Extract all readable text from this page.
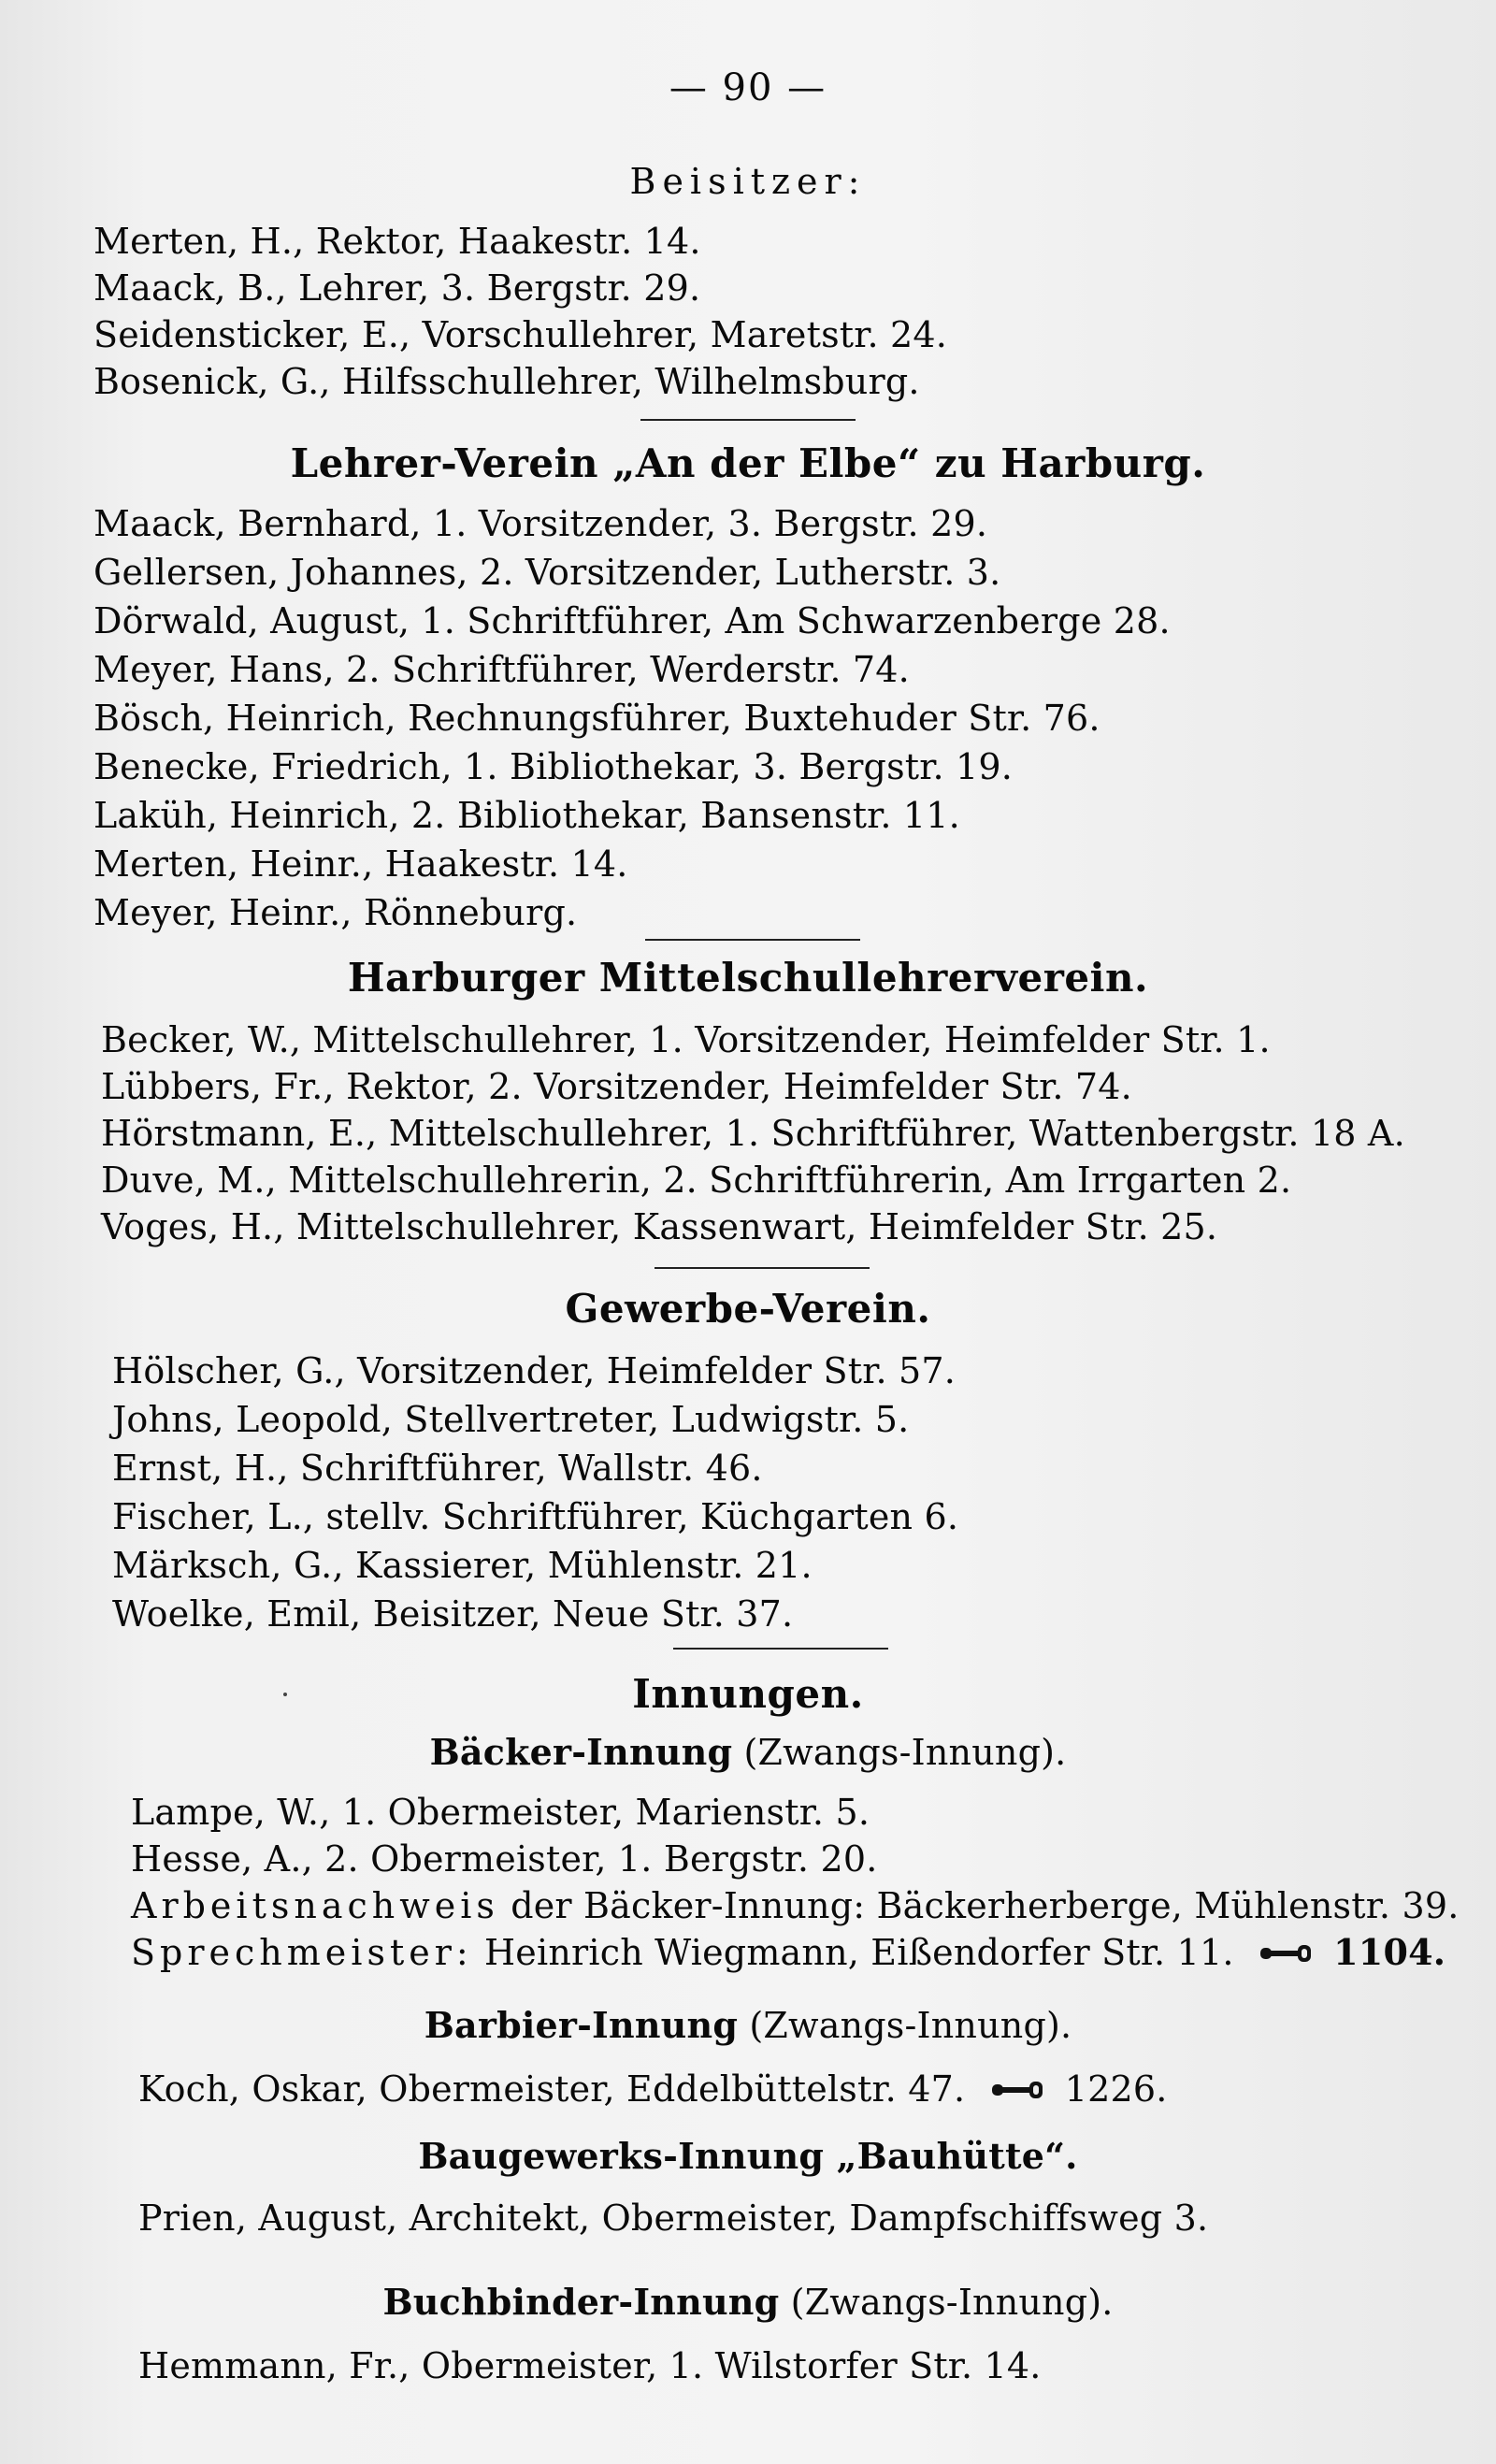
— 90 —
Beisitzer:
Merten, H., Rektor, Haakestr. 14.
Maack, B., Lehrer, 3. Bergstr. 29.
Seidensticker, E., Vorschullehrer, Maretstr. 24.
Bosenick, G., Hilfsschullehrer, Wilhelmsburg.
Lehrer-Verein „An der Elbe“ zu Harburg.
Maack, Bernhard, 1. Vorsitzender, 3. Bergstr. 29.
Gellersen, Johannes, 2. Vorsitzender, Lutherstr. 3.
Dörwald, August, 1. Schriftführer, Am Schwarzenberge 28.
Meyer, Hans, 2. Schriftführer, Werderstr. 74.
Bösch, Heinrich, Rechnungsführer, Buxtehuder Str. 76.
Benecke, Friedrich, 1. Bibliothekar, 3. Bergstr. 19.
Laküh, Heinrich, 2. Bibliothekar, Bansenstr. 11.
Merten, Heinr., Haakestr. 14.
Meyer, Heinr., Rönneburg.
Harburger Mittelschullehrerverein.
Becker, W., Mittelschullehrer, 1. Vorsitzender, Heimfelder Str. 1.
Lübbers, Fr., Rektor, 2. Vorsitzender, Heimfelder Str. 74.
Hörstmann, E., Mittelschullehrer, 1. Schriftführer, Wattenbergstr. 18 A.
Duve, M., Mittelschullehrerin, 2. Schriftführerin, Am Irrgarten 2.
Voges, H., Mittelschullehrer, Kassenwart, Heimfelder Str. 25.
Gewerbe-Verein.
Hölscher, G., Vorsitzender, Heimfelder Str. 57.
Johns, Leopold, Stellvertreter, Ludwigstr. 5.
Ernst, H., Schriftführer, Wallstr. 46.
Fischer, L., stellv. Schriftführer, Küchgarten 6.
Märksch, G., Kassierer, Mühlenstr. 21.
Woelke, Emil, Beisitzer, Neue Str. 37.
Innungen.
Bäcker-Innung (Zwangs-Innung).
Lampe, W., 1. Obermeister, Marienstr. 5.
Hesse, A., 2. Obermeister, 1. Bergstr. 20.
Arbeitsnachweis der Bäcker-Innung: Bäckerherberge, Mühlenstr. 39.
Sprechmeister: Heinrich Wiegmann, Eißendorfer Str. 11.	1104.
Barbier-Innung (Zwangs-Innung).
Koch, Oskar, Obermeister, Eddelbüttelstr. 47.	1226.
Baugewerks-Innung „Bauhütte“.
Prien, August, Architekt, Obermeister, Dampfschiffsweg 3.
Buchbinder-Innung (Zwangs-Innung).
Hemmann, Fr., Obermeister, 1. Wilstorfer Str. 14.
